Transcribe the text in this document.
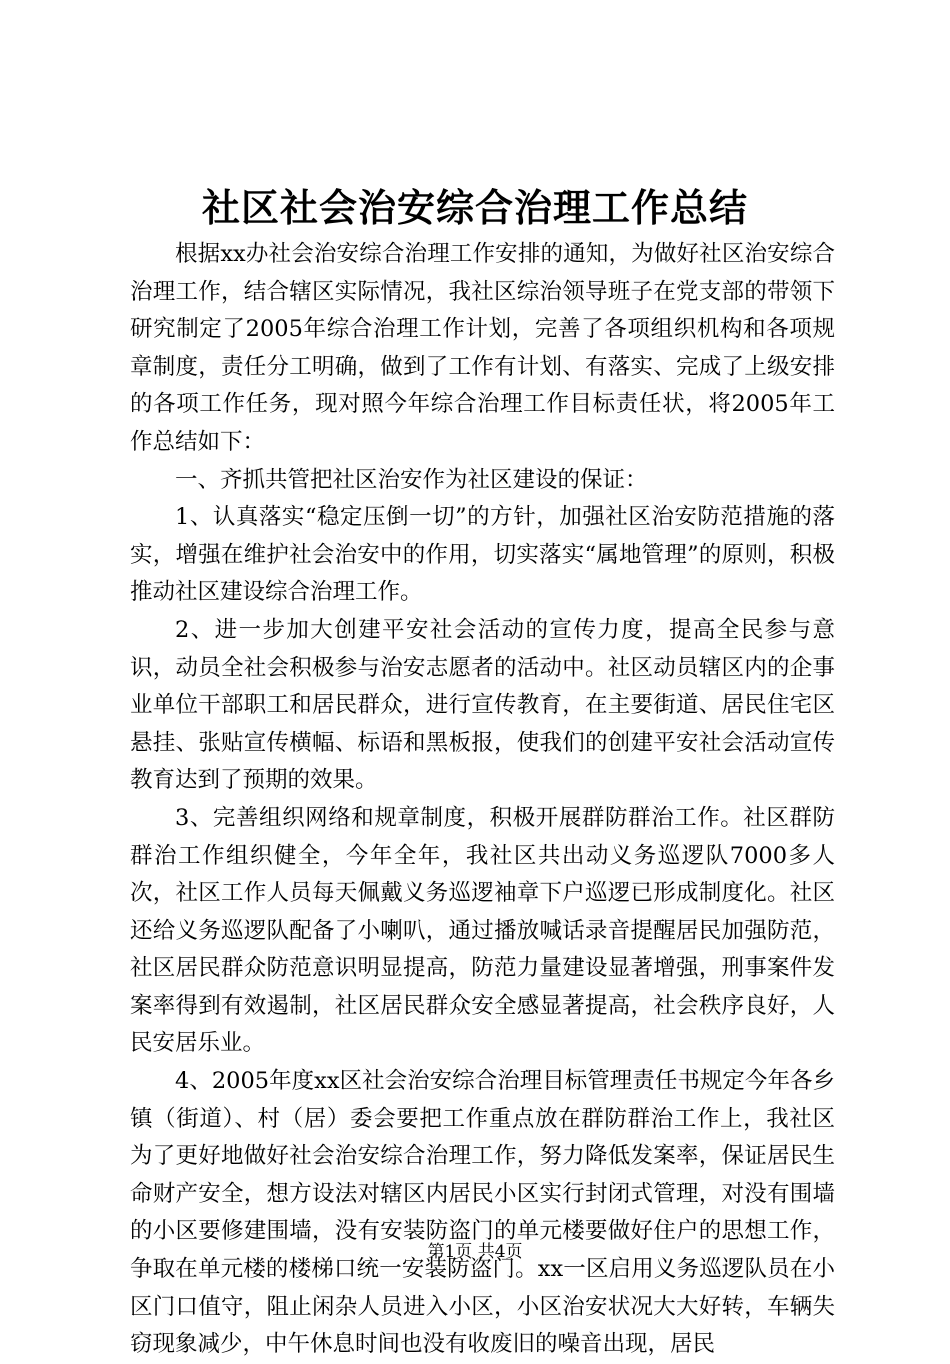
社区社会治安综合治理工作总结

根据xx办社会治安综合治理工作安排的通知，为做好社区治安综合治理工作，结合辖区实际情况，我社区综治领导班子在党支部的带领下研究制定了2005年综合治理工作计划，完善了各项组织机构和各项规章制度，责任分工明确，做到了工作有计划、有落实、完成了上级安排的各项工作任务，现对照今年综合治理工作目标责任状，将2005年工作总结如下：

一、齐抓共管把社区治安作为社区建设的保证：

1、认真落实“稳定压倒一切”的方针，加强社区治安防范措施的落实，增强在维护社会治安中的作用，切实落实“属地管理”的原则，积极推动社区建设综合治理工作。

2、进一步加大创建平安社会活动的宣传力度，提高全民参与意识，动员全社会积极参与治安志愿者的活动中。社区动员辖区内的企事业单位干部职工和居民群众，进行宣传教育，在主要街道、居民住宅区悬挂、张贴宣传横幅、标语和黑板报，使我们的创建平安社会活动宣传教育达到了预期的效果。

3、完善组织网络和规章制度，积极开展群防群治工作。社区群防群治工作组织健全，今年全年，我社区共出动义务巡逻队7000多人次，社区工作人员每天佩戴义务巡逻袖章下户巡逻已形成制度化。社区还给义务巡逻队配备了小喇叭，通过播放喊话录音提醒居民加强防范，社区居民群众防范意识明显提高，防范力量建设显著增强，刑事案件发案率得到有效遏制，社区居民群众安全感显著提高，社会秩序良好，人民安居乐业。

4、2005年度xx区社会治安综合治理目标管理责任书规定今年各乡镇（街道）、村（居）委会要把工作重点放在群防群治工作上，我社区为了更好地做好社会治安综合治理工作，努力降低发案率，保证居民生命财产安全，想方设法对辖区内居民小区实行封闭式管理，对没有围墙的小区要修建围墙，没有安装防盗门的单元楼要做好住户的思想工作，争取在单元楼的楼梯口统一安装防盗门。xx一区启用义务巡逻队员在小区门口值守，阻止闲杂人员进入小区，小区治安状况大大好转，车辆失窃现象减少，中午休息时间也没有收废旧的噪音出现，居民

第1页 共4页
